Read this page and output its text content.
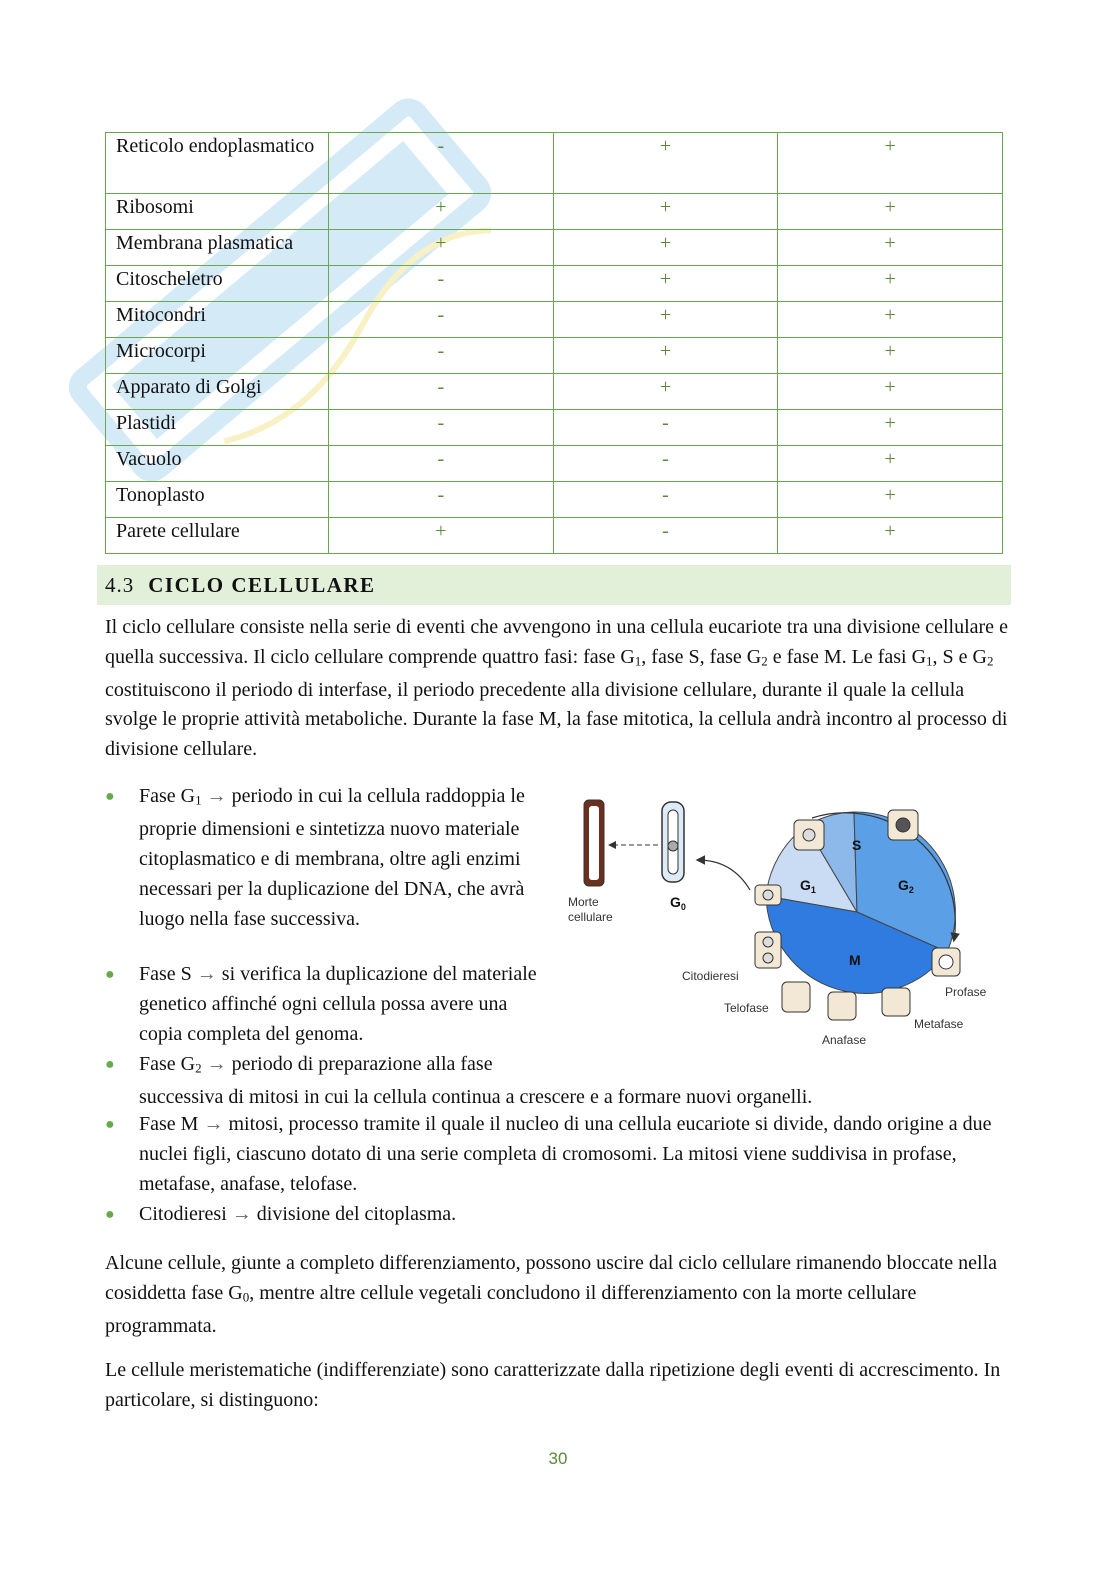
Reticolo endoplasmatico	-	+	+
Ribosomi	+	+	+
Membrana plasmatica	+	+	+
Citoscheletro	-	+	+
Mitocondri	-	+	+
Microcorpi	-	+	+
Apparato di Golgi	-	+	+
Plastidi	-	-	+
Vacuolo	-	-	+
Tonoplasto	-	-	+
Parete cellulare	+	-	+
4.3 CICLO CELLULARE

Il ciclo cellulare consiste nella serie di eventi che avvengono in una cellula eucariote tra una divisione cellulare e quella successiva. Il ciclo cellulare comprende quattro fasi: fase $G_1$, fase S, fase $G_2$ e fase M. Le fasi $G_1$, S e $G_2$ costituiscono il periodo di interfase, il periodo precedente alla divisione cellulare, durante il quale la cellula svolge le proprie attività metaboliche. Durante la fase M, la fase mitotica, la cellula andrà incontro al processo di divisione cellulare.

● Fase $G_1$ → periodo in cui la cellula raddoppia le proprie dimensioni e sintetizza nuovo materiale citoplasmatico e di membrana, oltre agli enzimi necessari per la duplicazione del DNA, che avrà luogo nella fase successiva.
● Fase S → si verifica la duplicazione del materiale genetico affinché ogni cellula possa avere una copia completa del genoma.
● Fase $G_2$ → periodo di preparazione alla fase
successiva di mitosi in cui la cellula continua a crescere e a formare nuovi organelli.
● Fase M → mitosi, processo tramite il quale il nucleo di una cellula eucariote si divide, dando origine a due nuclei figli, ciascuno dotato di una serie completa di cromosomi. La mitosi viene suddivisa in profase, metafase, anafase, telofase.
● Citodieresi → divisione del citoplasma.
S
$G_1$	$G_2$
M
Morte
cellulare
$G_0$
Citodieresi
Telofase
Anafase
Metafase
Profase

Alcune cellule, giunte a completo differenziamento, possono uscire dal ciclo cellulare rimanendo bloccate nella cosiddetta fase $G_0$, mentre altre cellule vegetali concludono il differenziamento con la morte cellulare programmata.

Le cellule meristematiche (indifferenziate) sono caratterizzate dalla ripetizione degli eventi di accrescimento. In particolare, si distinguono:

30
